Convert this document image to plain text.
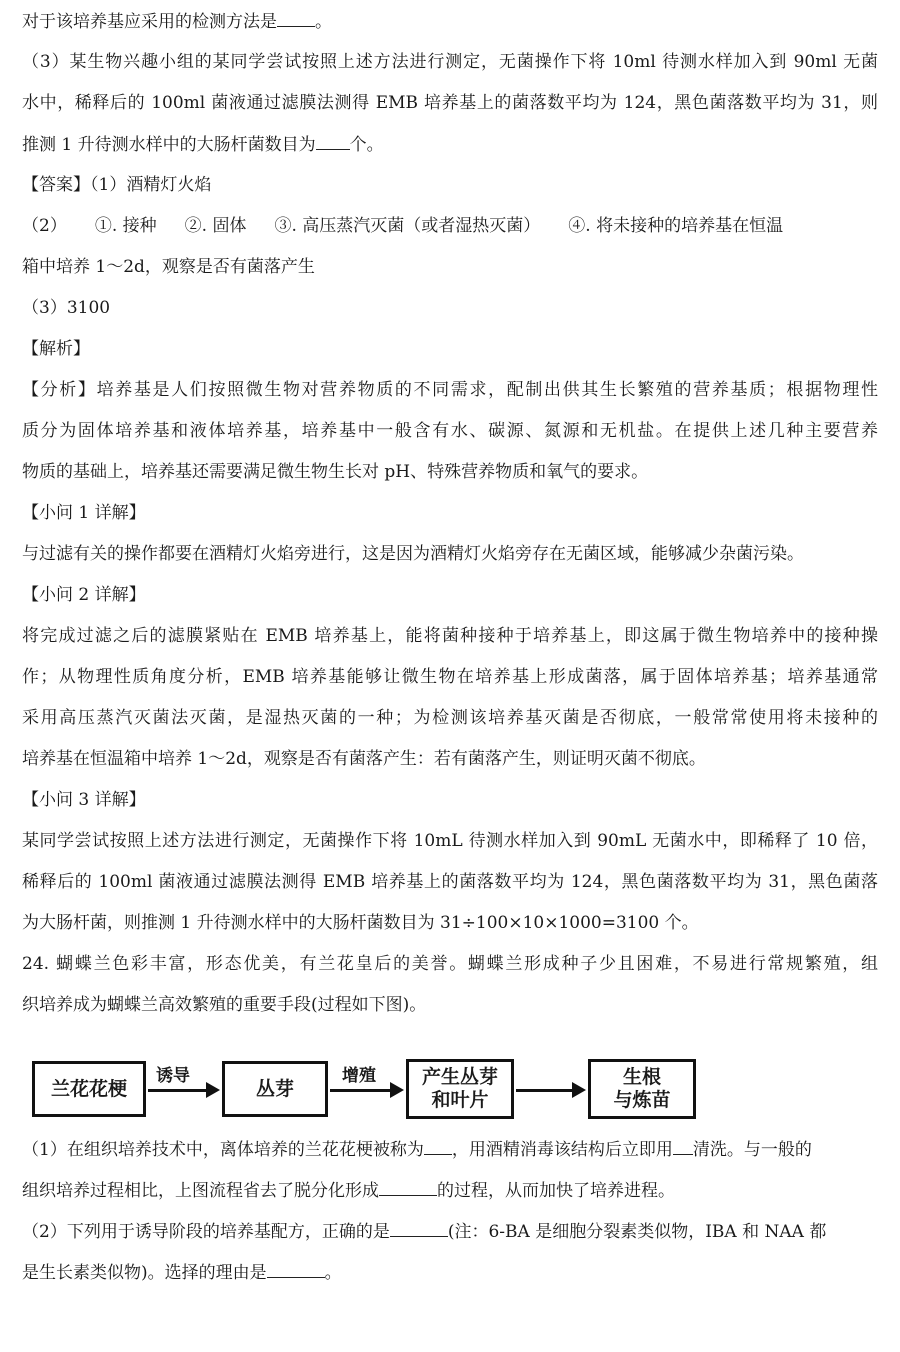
对于该培养基应采用的检测方法是 。
（3）某生物兴趣小组的某同学尝试按照上述方法进行测定，无菌操作下将 10ml 待测水样加入到 90ml 无菌
水中，稀释后的 100ml 菌液通过滤膜法测得 EMB 培养基上的菌落数平均为 124，黑色菌落数平均为 31，则
推测 1 升待测水样中的大肠杆菌数目为 个。
【答案】（1）酒精灯火焰
（2） ①. 接种 ②. 固体 ③. 高压蒸汽灭菌（或者湿热灭菌） ④. 将未接种的培养基在恒温
箱中培养 1～2d，观察是否有菌落产生
（3）3100
【解析】
【分析】培养基是人们按照微生物对营养物质的不同需求，配制出供其生长繁殖的营养基质；根据物理性
质分为固体培养基和液体培养基，培养基中一般含有水、碳源、氮源和无机盐。在提供上述几种主要营养
物质的基础上，培养基还需要满足微生物生长对 pH、特殊营养物质和氧气的要求。
【小问 1 详解】
与过滤有关的操作都要在酒精灯火焰旁进行，这是因为酒精灯火焰旁存在无菌区域，能够减少杂菌污染。
【小问 2 详解】
将完成过滤之后的滤膜紧贴在 EMB 培养基上，能将菌种接种于培养基上，即这属于微生物培养中的接种操
作；从物理性质角度分析，EMB 培养基能够让微生物在培养基上形成菌落，属于固体培养基；培养基通常
采用高压蒸汽灭菌法灭菌，是湿热灭菌的一种；为检测该培养基灭菌是否彻底，一般常常使用将未接种的
培养基在恒温箱中培养 1～2d，观察是否有菌落产生：若有菌落产生，则证明灭菌不彻底。
【小问 3 详解】
某同学尝试按照上述方法进行测定，无菌操作下将 10mL 待测水样加入到 90mL 无菌水中，即稀释了 10 倍，
稀释后的 100ml 菌液通过滤膜法测得 EMB 培养基上的菌落数平均为 124，黑色菌落数平均为 31，黑色菌落
为大肠杆菌，则推测 1 升待测水样中的大肠杆菌数目为 31÷100×10×1000=3100 个。
24. 蝴蝶兰色彩丰富，形态优美，有兰花皇后的美誉。蝴蝶兰形成种子少且困难，不易进行常规繁殖，组
织培养成为蝴蝶兰高效繁殖的重要手段(过程如下图)。
兰花花梗
诱导
丛芽
增殖 产生丛芽
和叶片
生根
与炼苗
（1）在组织培养技术中，离体培养的兰花花梗被称为 ，用酒精消毒该结构后立即用 清洗。与一般的
组织培养过程相比，上图流程省去了脱分化形成	的过程，从而加快了培养进程。
（2）下列用于诱导阶段的培养基配方，正确的是	(注：6-BA 是细胞分裂素类似物，IBA 和 NAA 都
是生长素类似物)。选择的理由是	。
